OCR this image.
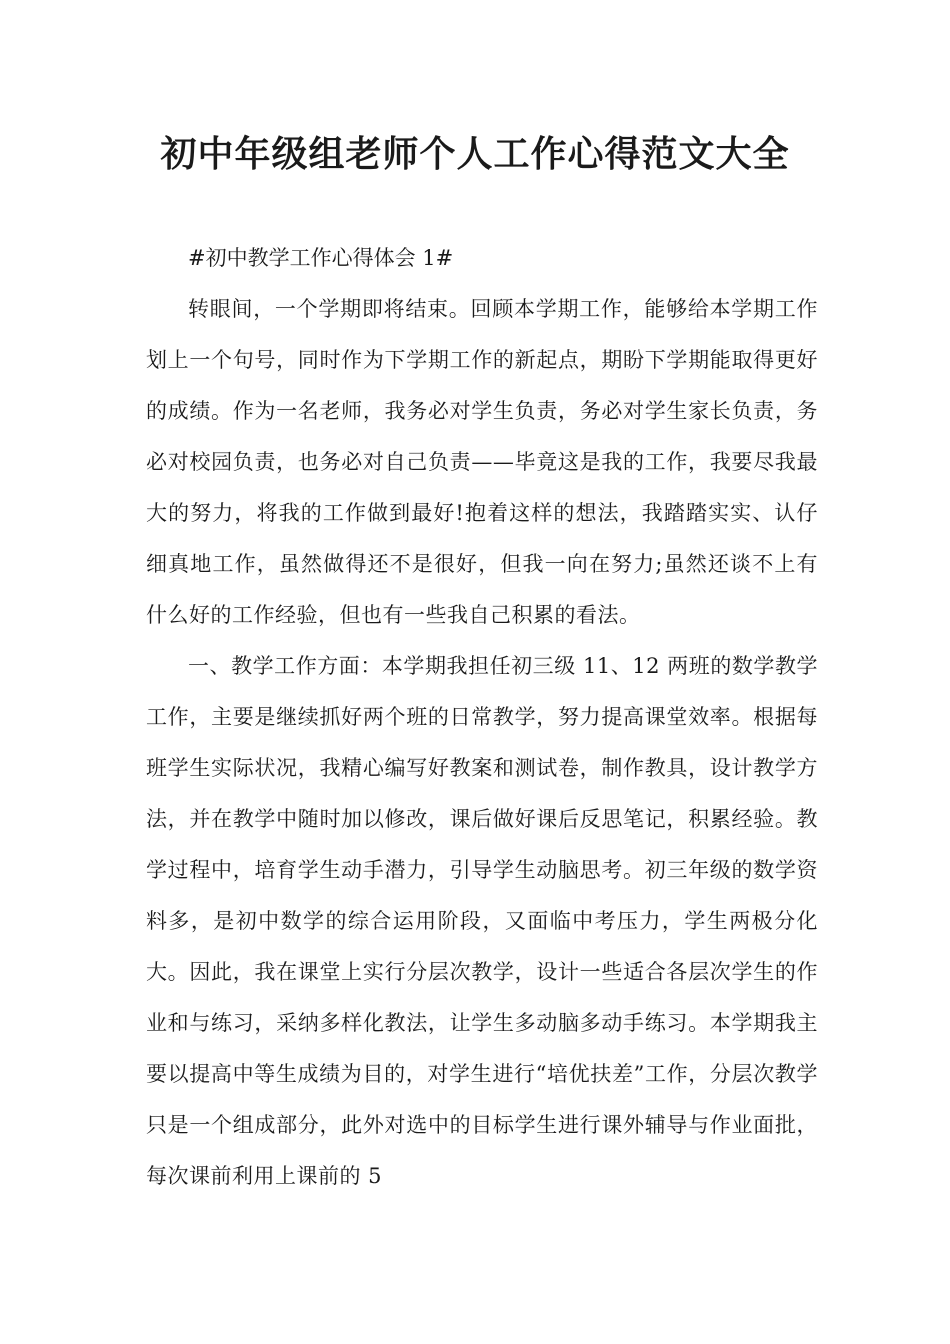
初中年级组老师个人工作心得范文大全

#初中教学工作心得体会 1#

转眼间，一个学期即将结束。回顾本学期工作，能够给本学期工作划上一个句号，同时作为下学期工作的新起点，期盼下学期能取得更好的成绩。作为一名老师，我务必对学生负责，务必对学生家长负责，务必对校园负责，也务必对自己负责——毕竟这是我的工作，我要尽我最大的努力，将我的工作做到最好!抱着这样的想法，我踏踏实实、认仔细真地工作，虽然做得还不是很好，但我一向在努力;虽然还谈不上有什么好的工作经验，但也有一些我自己积累的看法。

一、教学工作方面：本学期我担任初三级 11、12 两班的数学教学工作，主要是继续抓好两个班的日常教学，努力提高课堂效率。根据每班学生实际状况，我精心编写好教案和测试卷，制作教具，设计教学方法，并在教学中随时加以修改，课后做好课后反思笔记，积累经验。教学过程中，培育学生动手潜力，引导学生动脑思考。初三年级的数学资料多，是初中数学的综合运用阶段，又面临中考压力，学生两极分化大。因此，我在课堂上实行分层次教学，设计一些适合各层次学生的作业和与练习，采纳多样化教法，让学生多动脑多动手练习。本学期我主要以提高中等生成绩为目的，对学生进行“培优扶差”工作，分层次教学只是一个组成部分，此外对选中的目标学生进行课外辅导与作业面批，每次课前利用上课前的 5
